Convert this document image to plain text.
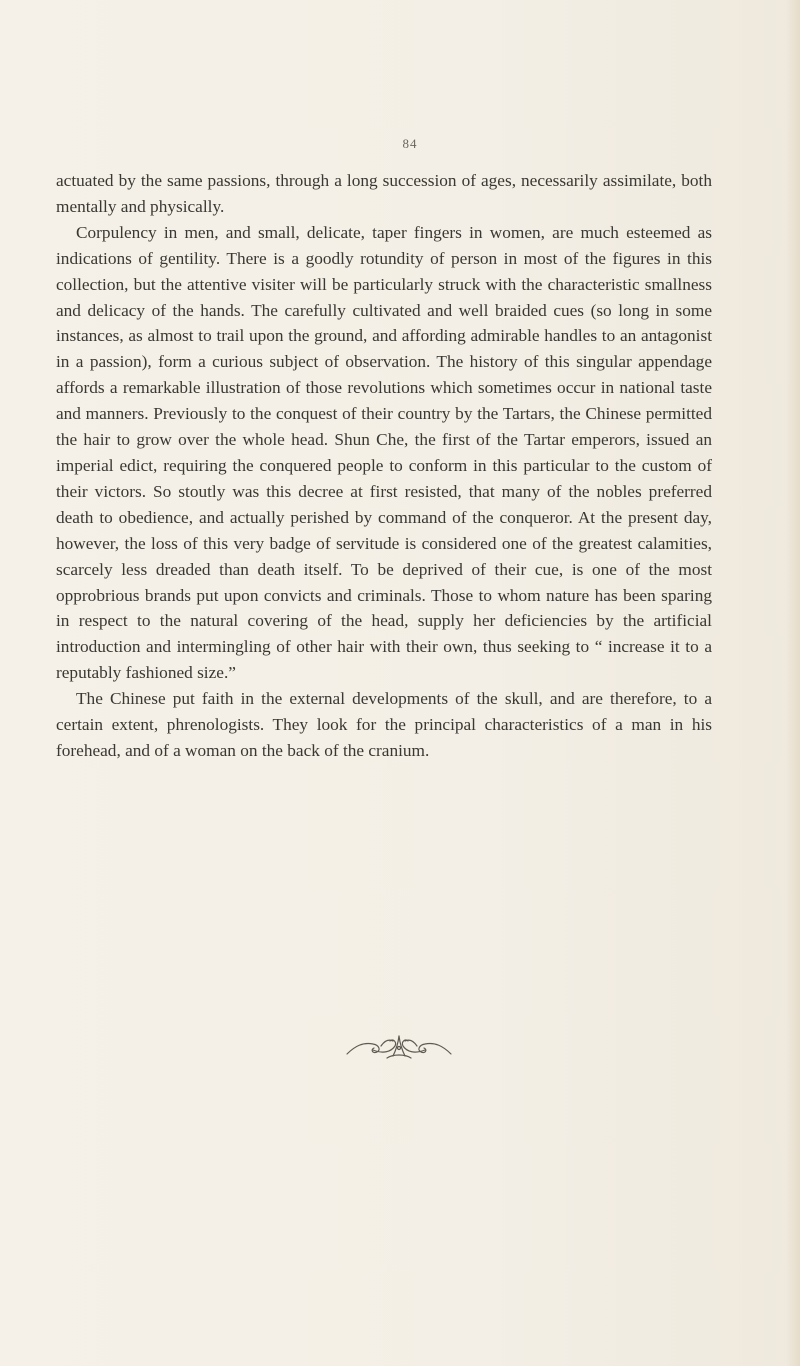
84

actuated by the same passions, through a long succession of ages, necessarily assimilate, both mentally and physically.

Corpulency in men, and small, delicate, taper fingers in women, are much esteemed as indications of gentility. There is a goodly rotundity of person in most of the figures in this collection, but the attentive visiter will be particularly struck with the characteristic smallness and delicacy of the hands. The carefully cultivated and well braided cues (so long in some instances, as almost to trail upon the ground, and affording admirable handles to an antagonist in a passion), form a curious subject of observation. The history of this singular appendage affords a remarkable illustration of those revolutions which sometimes occur in national taste and manners. Previously to the conquest of their country by the Tartars, the Chinese permitted the hair to grow over the whole head. Shun Che, the first of the Tartar emperors, issued an imperial edict, requiring the conquered people to conform in this particular to the custom of their victors. So stoutly was this decree at first resisted, that many of the nobles preferred death to obedience, and actually perished by command of the conqueror. At the present day, however, the loss of this very badge of servitude is considered one of the greatest calamities, scarcely less dreaded than death itself. To be deprived of their cue, is one of the most opprobrious brands put upon convicts and criminals. Those to whom nature has been sparing in respect to the natural covering of the head, supply her deficiencies by the artificial introduction and intermingling of other hair with their own, thus seeking to “ increase it to a reputably fashioned size.”

The Chinese put faith in the external developments of the skull, and are therefore, to a certain extent, phrenologists. They look for the principal characteristics of a man in his forehead, and of a woman on the back of the cranium.
